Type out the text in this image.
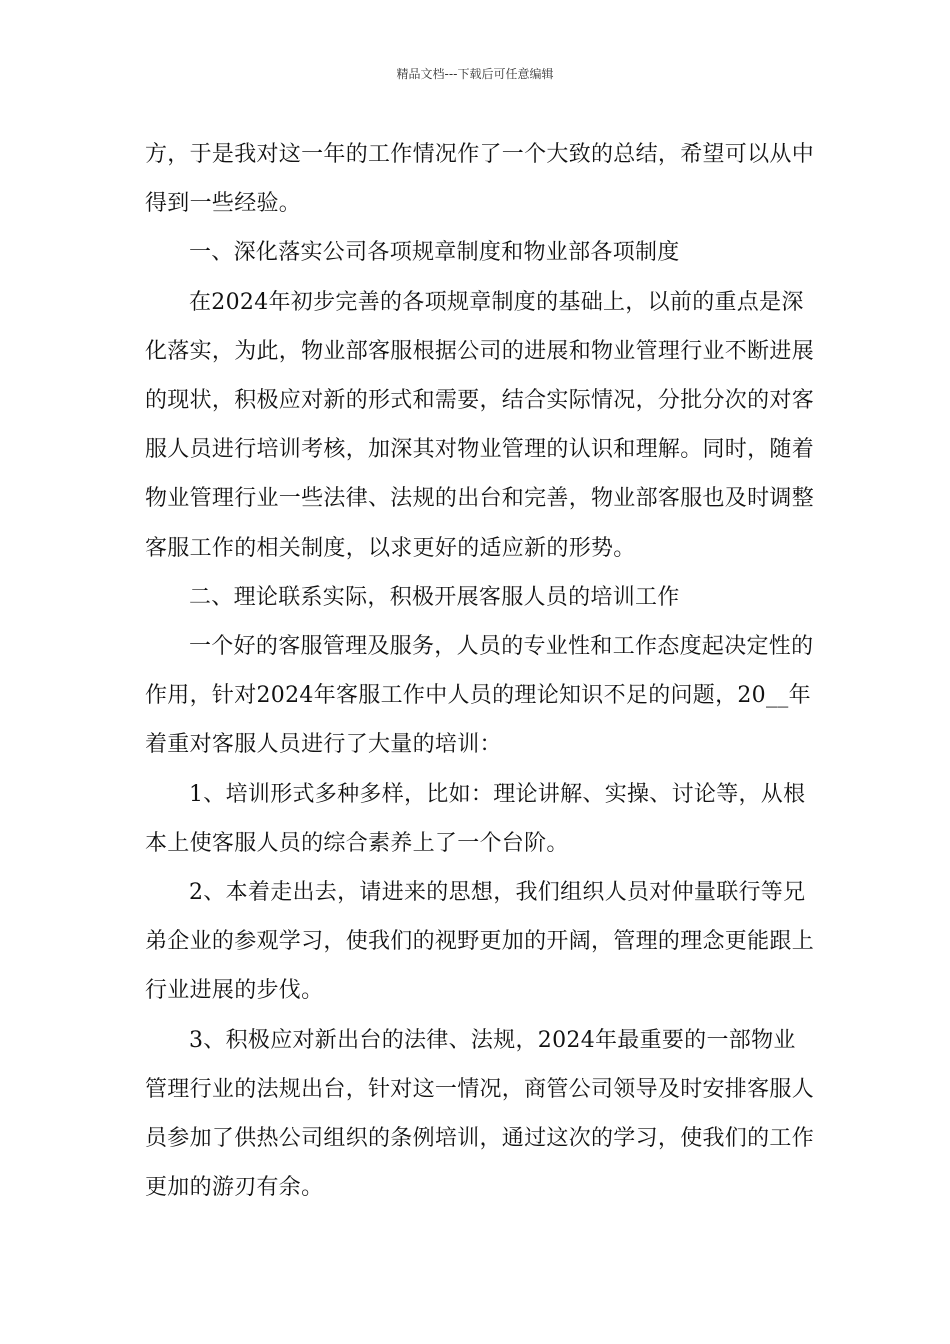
精品文档---下载后可任意编辑

方，于是我对这一年的工作情况作了一个大致的总结，希望可以从中得到一些经验。

一、深化落实公司各项规章制度和物业部各项制度

在2024年初步完善的各项规章制度的基础上，以前的重点是深化落实，为此，物业部客服根据公司的进展和物业管理行业不断进展的现状，积极应对新的形式和需要，结合实际情况，分批分次的对客服人员进行培训考核，加深其对物业管理的认识和理解。同时，随着物业管理行业一些法律、法规的出台和完善，物业部客服也及时调整客服工作的相关制度，以求更好的适应新的形势。

二、理论联系实际，积极开展客服人员的培训工作

一个好的客服管理及服务，人员的专业性和工作态度起决定性的作用，针对2024年客服工作中人员的理论知识不足的问题，20__年着重对客服人员进行了大量的培训：

1、培训形式多种多样，比如：理论讲解、实操、讨论等，从根本上使客服人员的综合素养上了一个台阶。

2、本着走出去，请进来的思想，我们组织人员对仲量联行等兄弟企业的参观学习，使我们的视野更加的开阔，管理的理念更能跟上行业进展的步伐。

3、积极应对新出台的法律、法规，2024年最重要的一部物业管理行业的法规出台，针对这一情况，商管公司领导及时安排客服人员参加了供热公司组织的条例培训，通过这次的学习，使我们的工作更加的游刃有余。
